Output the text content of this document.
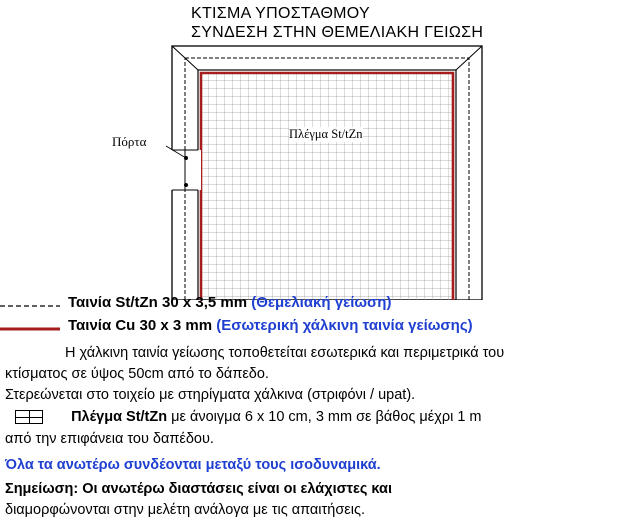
ΚΤΙΣΜΑ ΥΠΟΣΤΑΘΜΟΥ
ΣΥΝΔΕΣΗ ΣΤΗΝ ΘΕΜΕΛΙΑΚΗ ΓΕΙΩΣΗ
Πόρτα	Πλέγμα St/tZn
Ταινία St/tZn 30 x 3,5 mm (Θεμελιακή γείωση)
Ταινία Cu 30 x 3 mm (Εσωτερική χάλκινη ταινία γείωσης)
Η χάλκινη ταινία γείωσης τοποθετείται εσωτερικά και περιμετρικά του
κτίσματος σε ύψος 50cm από το δάπεδο.
Στερεώνεται στο τοιχείο με στηρίγματα χάλκινα (στριφόνι / upat).
Πλέγμα St/tZn με άνοιγμα 6 x 10 cm, 3 mm σε βάθος μέχρι 1 m
από την επιφάνεια του δαπέδου.
Όλα τα ανωτέρω συνδέονται μεταξύ τους ισοδυναμικά.
Σημείωση: Οι ανωτέρω διαστάσεις είναι οι ελάχιστες και
διαμορφώνονται στην μελέτη ανάλογα με τις απαιτήσεις.
